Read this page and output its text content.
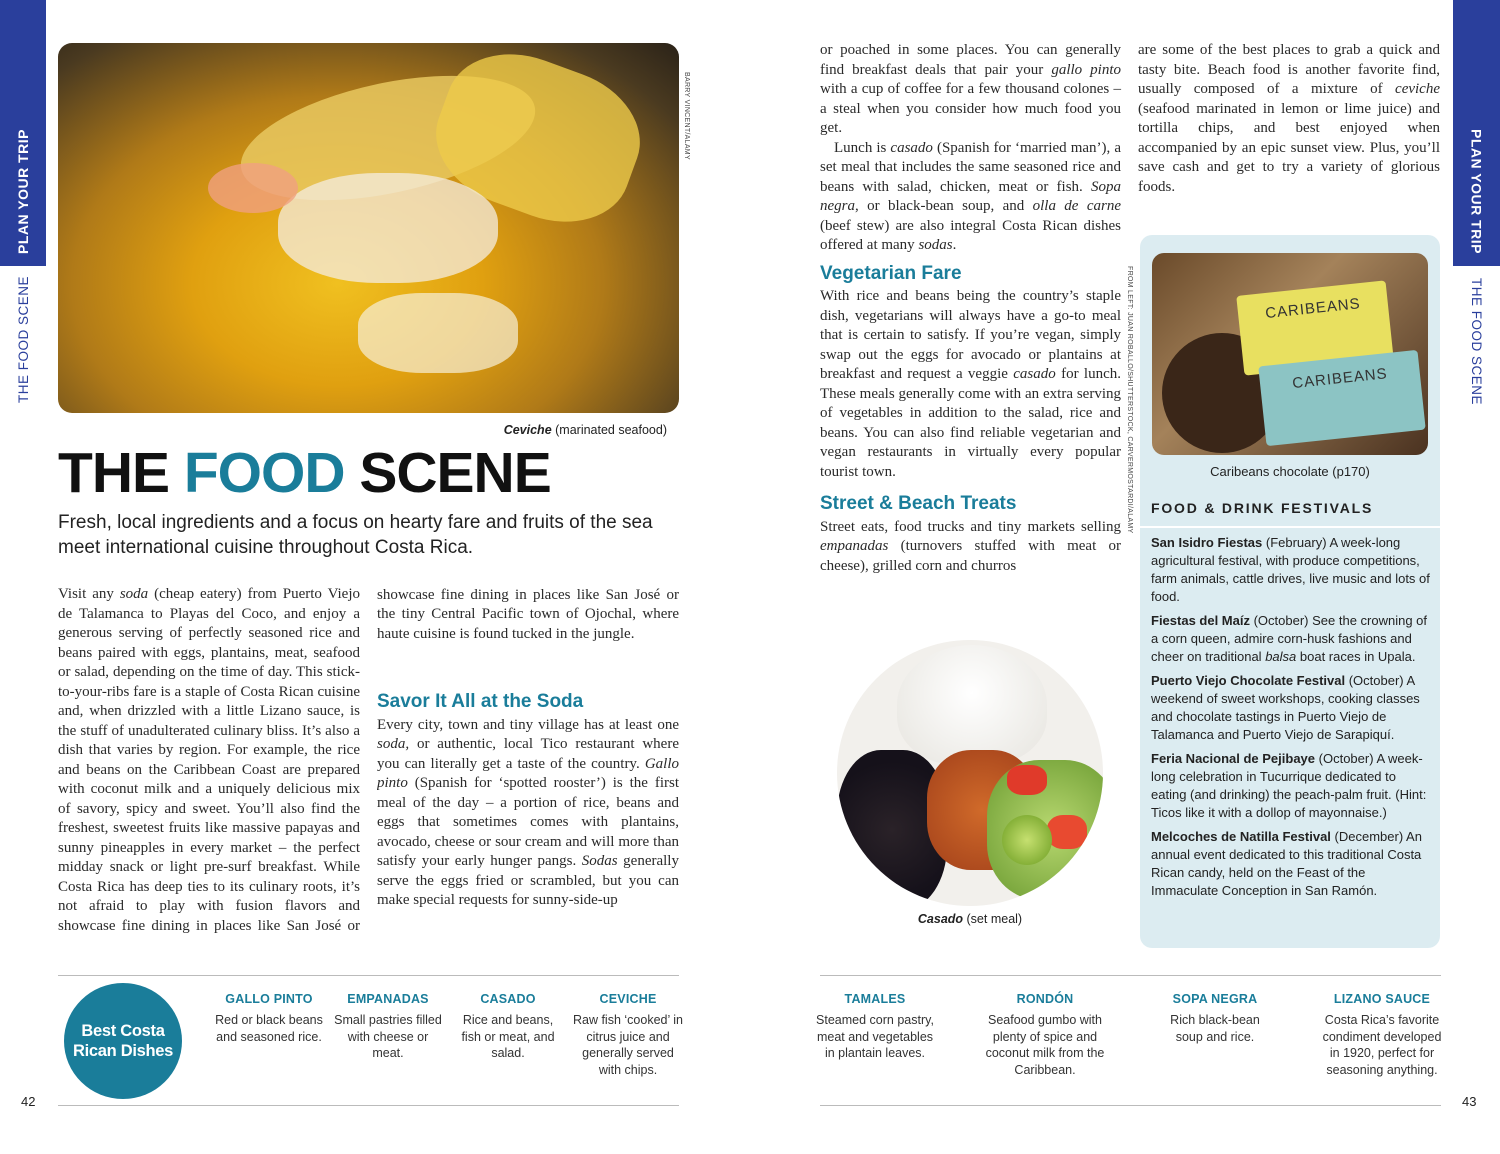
PLAN YOUR TRIP
THE FOOD SCENE
PLAN YOUR TRIP
THE FOOD SCENE
BARRY VINCENT/ALAMY
Ceviche (marinated seafood)
THE FOOD SCENE
Fresh, local ingredients and a focus on hearty fare and fruits of the sea meet international cuisine throughout Costa Rica.

Visit any soda (cheap eatery) from Puerto Viejo de Talamanca to Playas del Coco, and enjoy a generous serving of perfectly seasoned rice and beans paired with eggs, plantains, meat, seafood or salad, depending on the time of day. This stick-to-your-ribs fare is a staple of Costa Rican cuisine and, when drizzled with a little Lizano sauce, is the stuff of unadulterated culinary bliss. It’s also a dish that varies by region. For example, the rice and beans on the Caribbean Coast are prepared with coconut milk and a uniquely delicious mix of savory, spicy and sweet. You’ll also find the freshest, sweetest fruits like massive papayas and sunny pineapples in every market – the perfect midday snack or light pre-surf breakfast. While Costa Rica has deep ties to its culinary roots, it’s not afraid to play with fusion flavors and showcase fine dining in places like San José or

showcase fine dining in places like San José or the tiny Central Pacific town of Ojochal, where haute cuisine is found tucked in the jungle.

Savor It All at the Soda

Every city, town and tiny village has at least one soda, or authentic, local Tico restaurant where you can literally get a taste of the country. Gallo pinto (Spanish for ‘spotted rooster’) is the first meal of the day – a portion of rice, beans and eggs that sometimes comes with plantains, avocado, cheese or sour cream and will more than satisfy your early hunger pangs. Sodas generally serve the eggs fried or scrambled, but you can make special requests for sunny-side-up

Best Costa Rican Dishes
GALLO PINTO
Red or black beans and seasoned rice.
EMPANADAS
Small pastries filled with cheese or meat.
CASADO
Rice and beans, fish or meat, and salad.
CEVICHE
Raw fish ‘cooked’ in citrus juice and generally served with chips.
42

or poached in some places. You can generally find breakfast deals that pair your gallo pinto with a cup of coffee for a few thousand colones – a steal when you consider how much food you get.

Lunch is casado (Spanish for ‘married man’), a set meal that includes the same seasoned rice and beans with salad, chicken, meat or fish. Sopa negra, or black-bean soup, and olla de carne (beef stew) are also integral Costa Rican dishes offered at many sodas.

Vegetarian Fare

With rice and beans being the country’s staple dish, vegetarians will always have a go-to meal that is certain to satisfy. If you’re vegan, simply swap out the eggs for avocado or plantains at breakfast and request a veggie casado for lunch. These meals generally come with an extra serving of vegetables in addition to the salad, rice and beans. You can also find reliable vegetarian and vegan restaurants in virtually every popular tourist town.

Street & Beach Treats

Street eats, food trucks and tiny markets selling empanadas (turnovers stuffed with meat or cheese), grilled corn and churros

FROM LEFT: JUAN ROBALLO/SHUTTERSTOCK, CARVERMOSTARDI/ALAMY
Casado (set meal)

are some of the best places to grab a quick and tasty bite. Beach food is another favorite find, usually composed of a mixture of ceviche (seafood marinated in lemon or lime juice) and tortilla chips, and best enjoyed when accompanied by an epic sunset view. Plus, you’ll save cash and get to try a variety of glorious foods.

CARIBEANS
CARIBEANS
Caribeans chocolate (p170)
FOOD & DRINK FESTIVALS
San Isidro Fiestas (February) A week-long agricultural festival, with produce competitions, farm animals, cattle drives, live music and lots of food.
Fiestas del Maíz (October) See the crowning of a corn queen, admire corn-husk fashions and cheer on traditional balsa boat races in Upala.
Puerto Viejo Chocolate Festival (October) A weekend of sweet workshops, cooking classes and chocolate tastings in Puerto Viejo de Talamanca and Puerto Viejo de Sarapiquí.
Feria Nacional de Pejibaye (October) A week-long celebration in Tucurrique dedicated to eating (and drinking) the peach-palm fruit. (Hint: Ticos like it with a dollop of mayonnaise.)
Melcoches de Natilla Festival (December) An annual event dedicated to this traditional Costa Rican candy, held on the Feast of the Immaculate Conception in San Ramón.
TAMALES
Steamed corn pastry, meat and vegetables in plantain leaves.
RONDÓN
Seafood gumbo with plenty of spice and coconut milk from the Caribbean.
SOPA NEGRA
Rich black-bean soup and rice.
LIZANO SAUCE
Costa Rica’s favorite condiment developed in 1920, perfect for seasoning anything.
43
